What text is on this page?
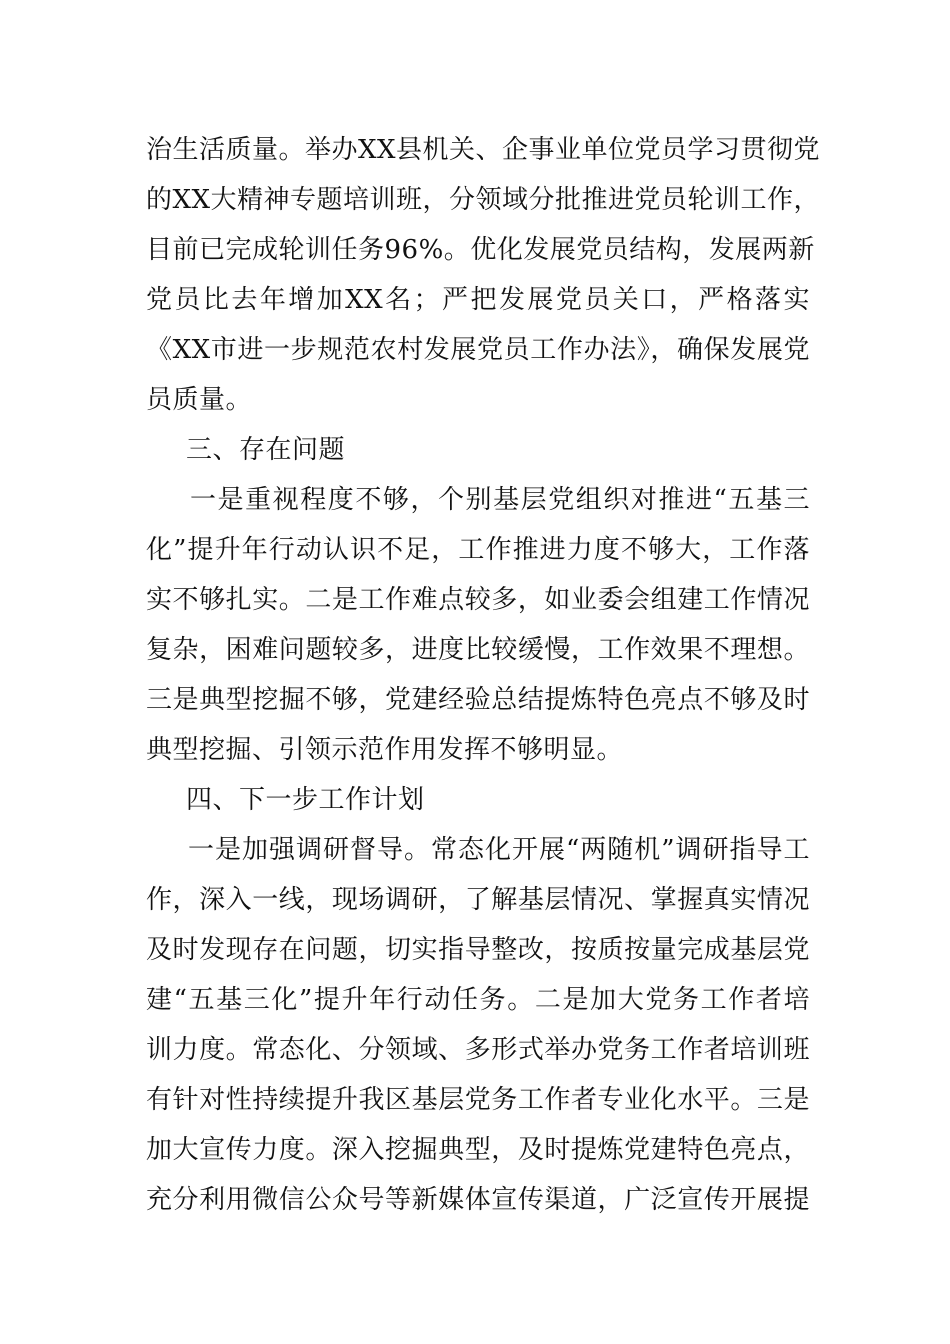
治生活质量。举办XX县机关、企事业单位党员学习贯彻党
的XX大精神专题培训班，分领域分批推进党员轮训工作，
目前已完成轮训任务96%。优化发展党员结构，发展两新
党员比去年增加XX名；严把发展党员关口，严格落实
《XX市进一步规范农村发展党员工作办法》，确保发展党
员质量。
三、存在问题
一是重视程度不够，个别基层党组织对推进“五基三
化”提升年行动认识不足，工作推进力度不够大，工作落
实不够扎实。二是工作难点较多，如业委会组建工作情况
复杂，困难问题较多，进度比较缓慢，工作效果不理想。
三是典型挖掘不够，党建经验总结提炼特色亮点不够及时
典型挖掘、引领示范作用发挥不够明显。
四、下一步工作计划
一是加强调研督导。常态化开展“两随机”调研指导工
作，深入一线，现场调研，了解基层情况、掌握真实情况
及时发现存在问题，切实指导整改，按质按量完成基层党
建“五基三化”提升年行动任务。二是加大党务工作者培
训力度。常态化、分领域、多形式举办党务工作者培训班
有针对性持续提升我区基层党务工作者专业化水平。三是
加大宣传力度。深入挖掘典型，及时提炼党建特色亮点，
充分利用微信公众号等新媒体宣传渠道，广泛宣传开展提
